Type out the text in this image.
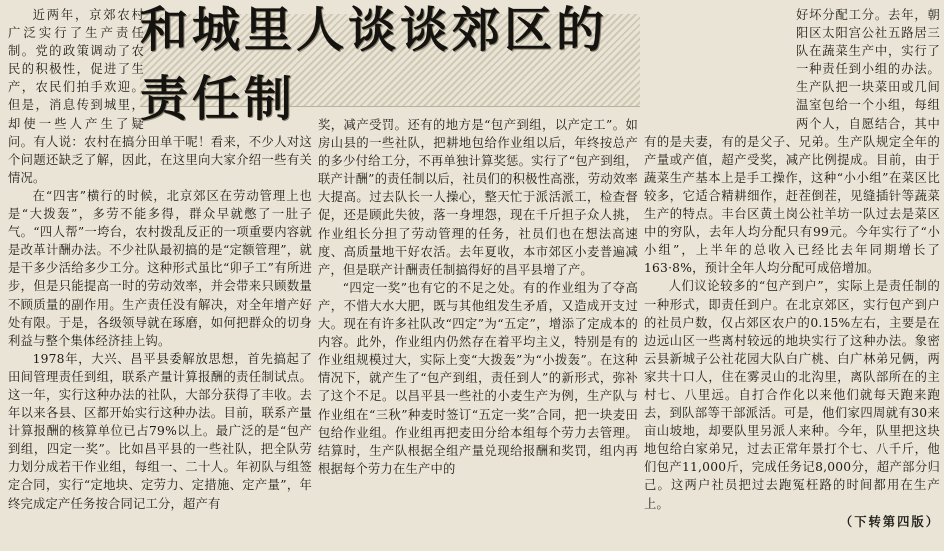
和城里人谈谈郊区的责任制

近两年，京郊农村广泛实行了生产责任制。党的政策调动了农民的积极性，促进了生产，农民们拍手欢迎。但是，消息传到城里，却使一些人产生了疑问。有人说：农村在搞分田单干呢！看来，不少人对这个问题还缺乏了解，因此，在这里向大家介绍一些有关情况。

在“四害”横行的时候，北京郊区在劳动管理上也是“大拨轰”，多劳不能多得，群众早就憋了一肚子气。“四人帮”一垮台，农村拨乱反正的一项重要内容就是改革计酬办法。不少社队最初搞的是“定额管理”，就是干多少活给多少工分。这种形式虽比“卯子工”有所进步，但是只能提高一时的劳动效率，并会带来只顾数量不顾质量的副作用。生产责任没有解决，对全年增产好处有限。于是，各级领导就在琢磨，如何把群众的切身利益与整个集体经济挂上钩。

1978年，大兴、昌平县委解放思想，首先搞起了田间管理责任到组，联系产量计算报酬的责任制试点。这一年，实行这种办法的社队，大部分获得了丰收。去年以来各县、区都开始实行这种办法。目前，联系产量计算报酬的核算单位已占79%以上。最广泛的是“包产到组，四定一奖”。比如昌平县的一些社队，把全队劳力划分成若干作业组，每组一、二十人。年初队与组签定合同，实行“定地块、定劳力、定措施、定产量”，年终完成定产任务按合同记工分，超产有

奖，减产受罚。还有的地方是“包产到组，以产定工”。如房山县的一些社队，把耕地包给作业组以后，年终按总产的多少付给工分，不再单独计算奖惩。实行了“包产到组，联产计酬”的责任制以后，社员们的积极性高涨，劳动效率大提高。过去队长一人操心，整天忙于派活派工，检查督促，还是顾此失彼，落一身埋怨，现在千斤担子众人挑，作业组长分担了劳动管理的任务，社员们也在想法高速度、高质量地干好农活。去年夏收，本市郊区小麦普遍减产，但是联产计酬责任制搞得好的昌平县增了产。

“四定一奖”也有它的不足之处。有的作业组为了夺高产，不惜大水大肥，既与其他组发生矛盾，又造成开支过大。现在有许多社队改“四定”为“五定”，增添了定成本的内容。此外，作业组内仍然存在着平均主义，特别是有的作业组规模过大，实际上变“大拨轰”为“小拨轰”。在这种情况下，就产生了“包产到组，责任到人”的新形式，弥补了这个不足。以昌平县一些社的小麦生产为例，生产队与作业组在“三秋”种麦时签订“五定一奖”合同，把一块麦田包给作业组。作业组再把麦田分给本组每个劳力去管理。结算时，生产队根据全组产量兑现给报酬和奖罚，组内再根据每个劳力在生产中的

好坏分配工分。去年，朝阳区太阳宫公社五路居三队在蔬菜生产中，实行了一种责任到小组的办法。生产队把一块菜田或几间温室包给一个小组，每组两个人，自愿结合，其中有的是夫妻，有的是父子、兄弟。生产队规定全年的产量或产值，超产受奖，减产比例提成。目前，由于蔬菜生产基本上是手工操作，这种“小小组”在菜区比较多，它适合精耕细作，赶茬倒茬，见缝插针等蔬菜生产的特点。丰台区黄土岗公社羊坊一队过去是菜区中的穷队，去年人均分配只有99元。今年实行了“小小组”，上半年的总收入已经比去年同期增长了163·8%，预计全年人均分配可成倍增加。

人们议论较多的“包产到户”，实际上是责任制的一种形式，即责任到户。在北京郊区，实行包产到户的社员户数，仅占郊区农户的0.15%左右，主要是在边远山区一些离村较远的地块实行了这种办法。象密云县新城子公社花园大队白广桃、白广林弟兄俩，两家共十口人，住在雾灵山的北沟里，离队部所在的主村七、八里远。自打合作化以来他们就每天跑来跑去，到队部等干部派活。可是，他们家四周就有30来亩山坡地，却要队里另派人来种。今年，队里把这块地包给白家弟兄，过去正常年景打个七、八千斤，他们包产11,000斤，完成任务记8,000分，超产部分归己。这两户社员把过去跑冤枉路的时间都用在生产上。

（下转第四版）
